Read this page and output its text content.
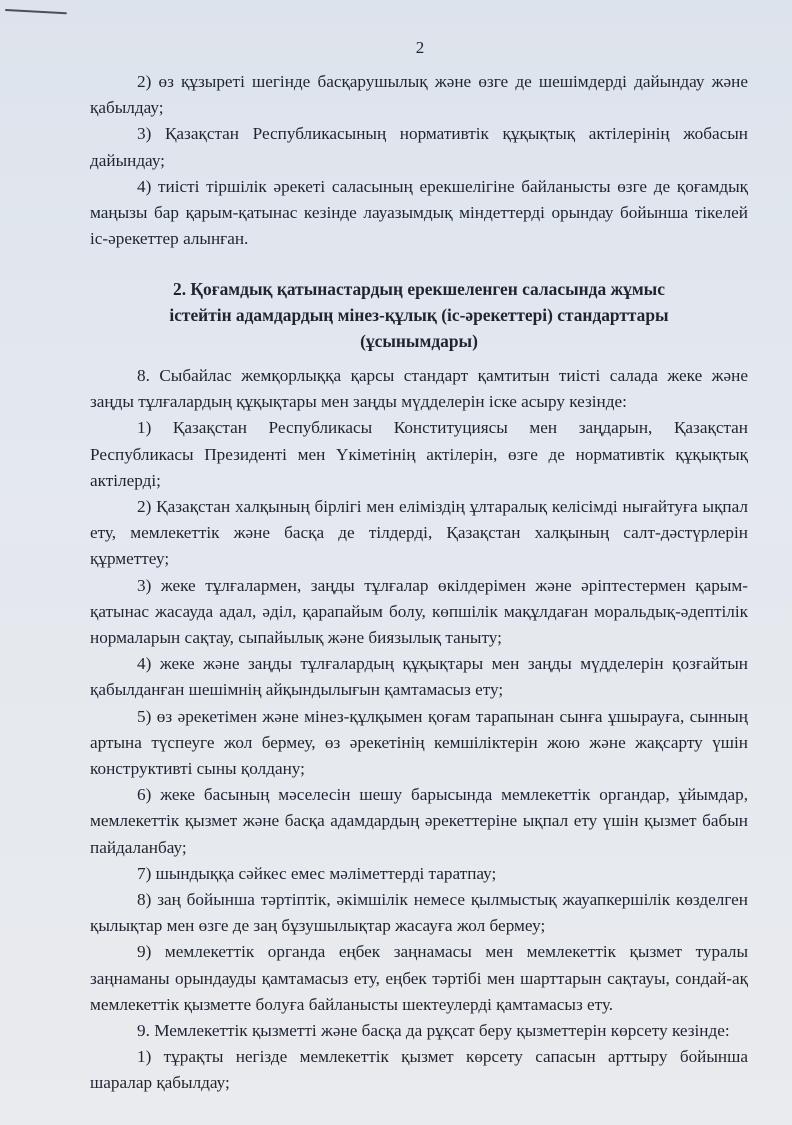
2

2) өз құзыреті шегінде басқарушылық және өзге де шешімдерді дайындау және қабылдау;

3) Қазақстан Республикасының нормативтік құқықтық актілерінің жобасын дайындау;

4) тиісті тіршілік әрекеті саласының ерекшелігіне байланысты өзге де қоғамдық маңызы бар қарым-қатынас кезінде лауазымдық міндеттерді орындау бойынша тікелей іс-әрекеттер алынған.

2. Қоғамдық қатынастардың ерекшеленген саласында жұмыс
істейтін адамдардың мінез-құлық (іс-әрекеттері) стандарттары
(ұсынымдары)

8. Сыбайлас жемқорлыққа қарсы стандарт қамтитын тиісті салада жеке және заңды тұлғалардың құқықтары мен заңды мүдделерін іске асыру кезінде:

1) Қазақстан Республикасы Конституциясы мен заңдарын, Қазақстан Республикасы Президенті мен Үкіметінің актілерін, өзге де нормативтік құқықтық актілерді;

2) Қазақстан халқының бірлігі мен еліміздің ұлтаралық келісімді нығайтуға ықпал ету, мемлекеттік және басқа де тілдерді, Қазақстан халқының салт-дәстүрлерін құрметтеу;

3) жеке тұлғалармен, заңды тұлғалар өкілдерімен және әріптестермен қарым-қатынас жасауда адал, әділ, қарапайым болу, көпшілік мақұлдаған моральдық-әдептілік нормаларын сақтау, сыпайылық және биязылық таныту;

4) жеке және заңды тұлғалардың құқықтары мен заңды мүдделерін қозғайтын қабылданған шешімнің айқындылығын қамтамасыз ету;

5) өз әрекетімен және мінез-құлқымен қоғам тарапынан сынға ұшырауға, сынның артына түспеуге жол бермеу, өз әрекетінің кемшіліктерін жою және жақсарту үшін конструктивті сыны қолдану;

6) жеке басының мәселесін шешу барысында мемлекеттік органдар, ұйымдар, мемлекеттік қызмет және басқа адамдардың әрекеттеріне ықпал ету үшін қызмет бабын пайдаланбау;

7) шындыққа сәйкес емес мәліметтерді таратпау;

8) заң бойынша тәртіптік, әкімшілік немесе қылмыстық жауапкершілік көзделген қылықтар мен өзге де заң бұзушылықтар жасауға жол бермеу;

9) мемлекеттік органда еңбек заңнамасы мен мемлекеттік қызмет туралы заңнаманы орындауды қамтамасыз ету, еңбек тәртібі мен шарттарын сақтауы, сондай-ақ мемлекеттік қызметте болуға байланысты шектеулерді қамтамасыз ету.

9. Мемлекеттік қызметті және басқа да рұқсат беру қызметтерін көрсету кезінде:

1) тұрақты негізде мемлекеттік қызмет көрсету сапасын арттыру бойынша шаралар қабылдау;
